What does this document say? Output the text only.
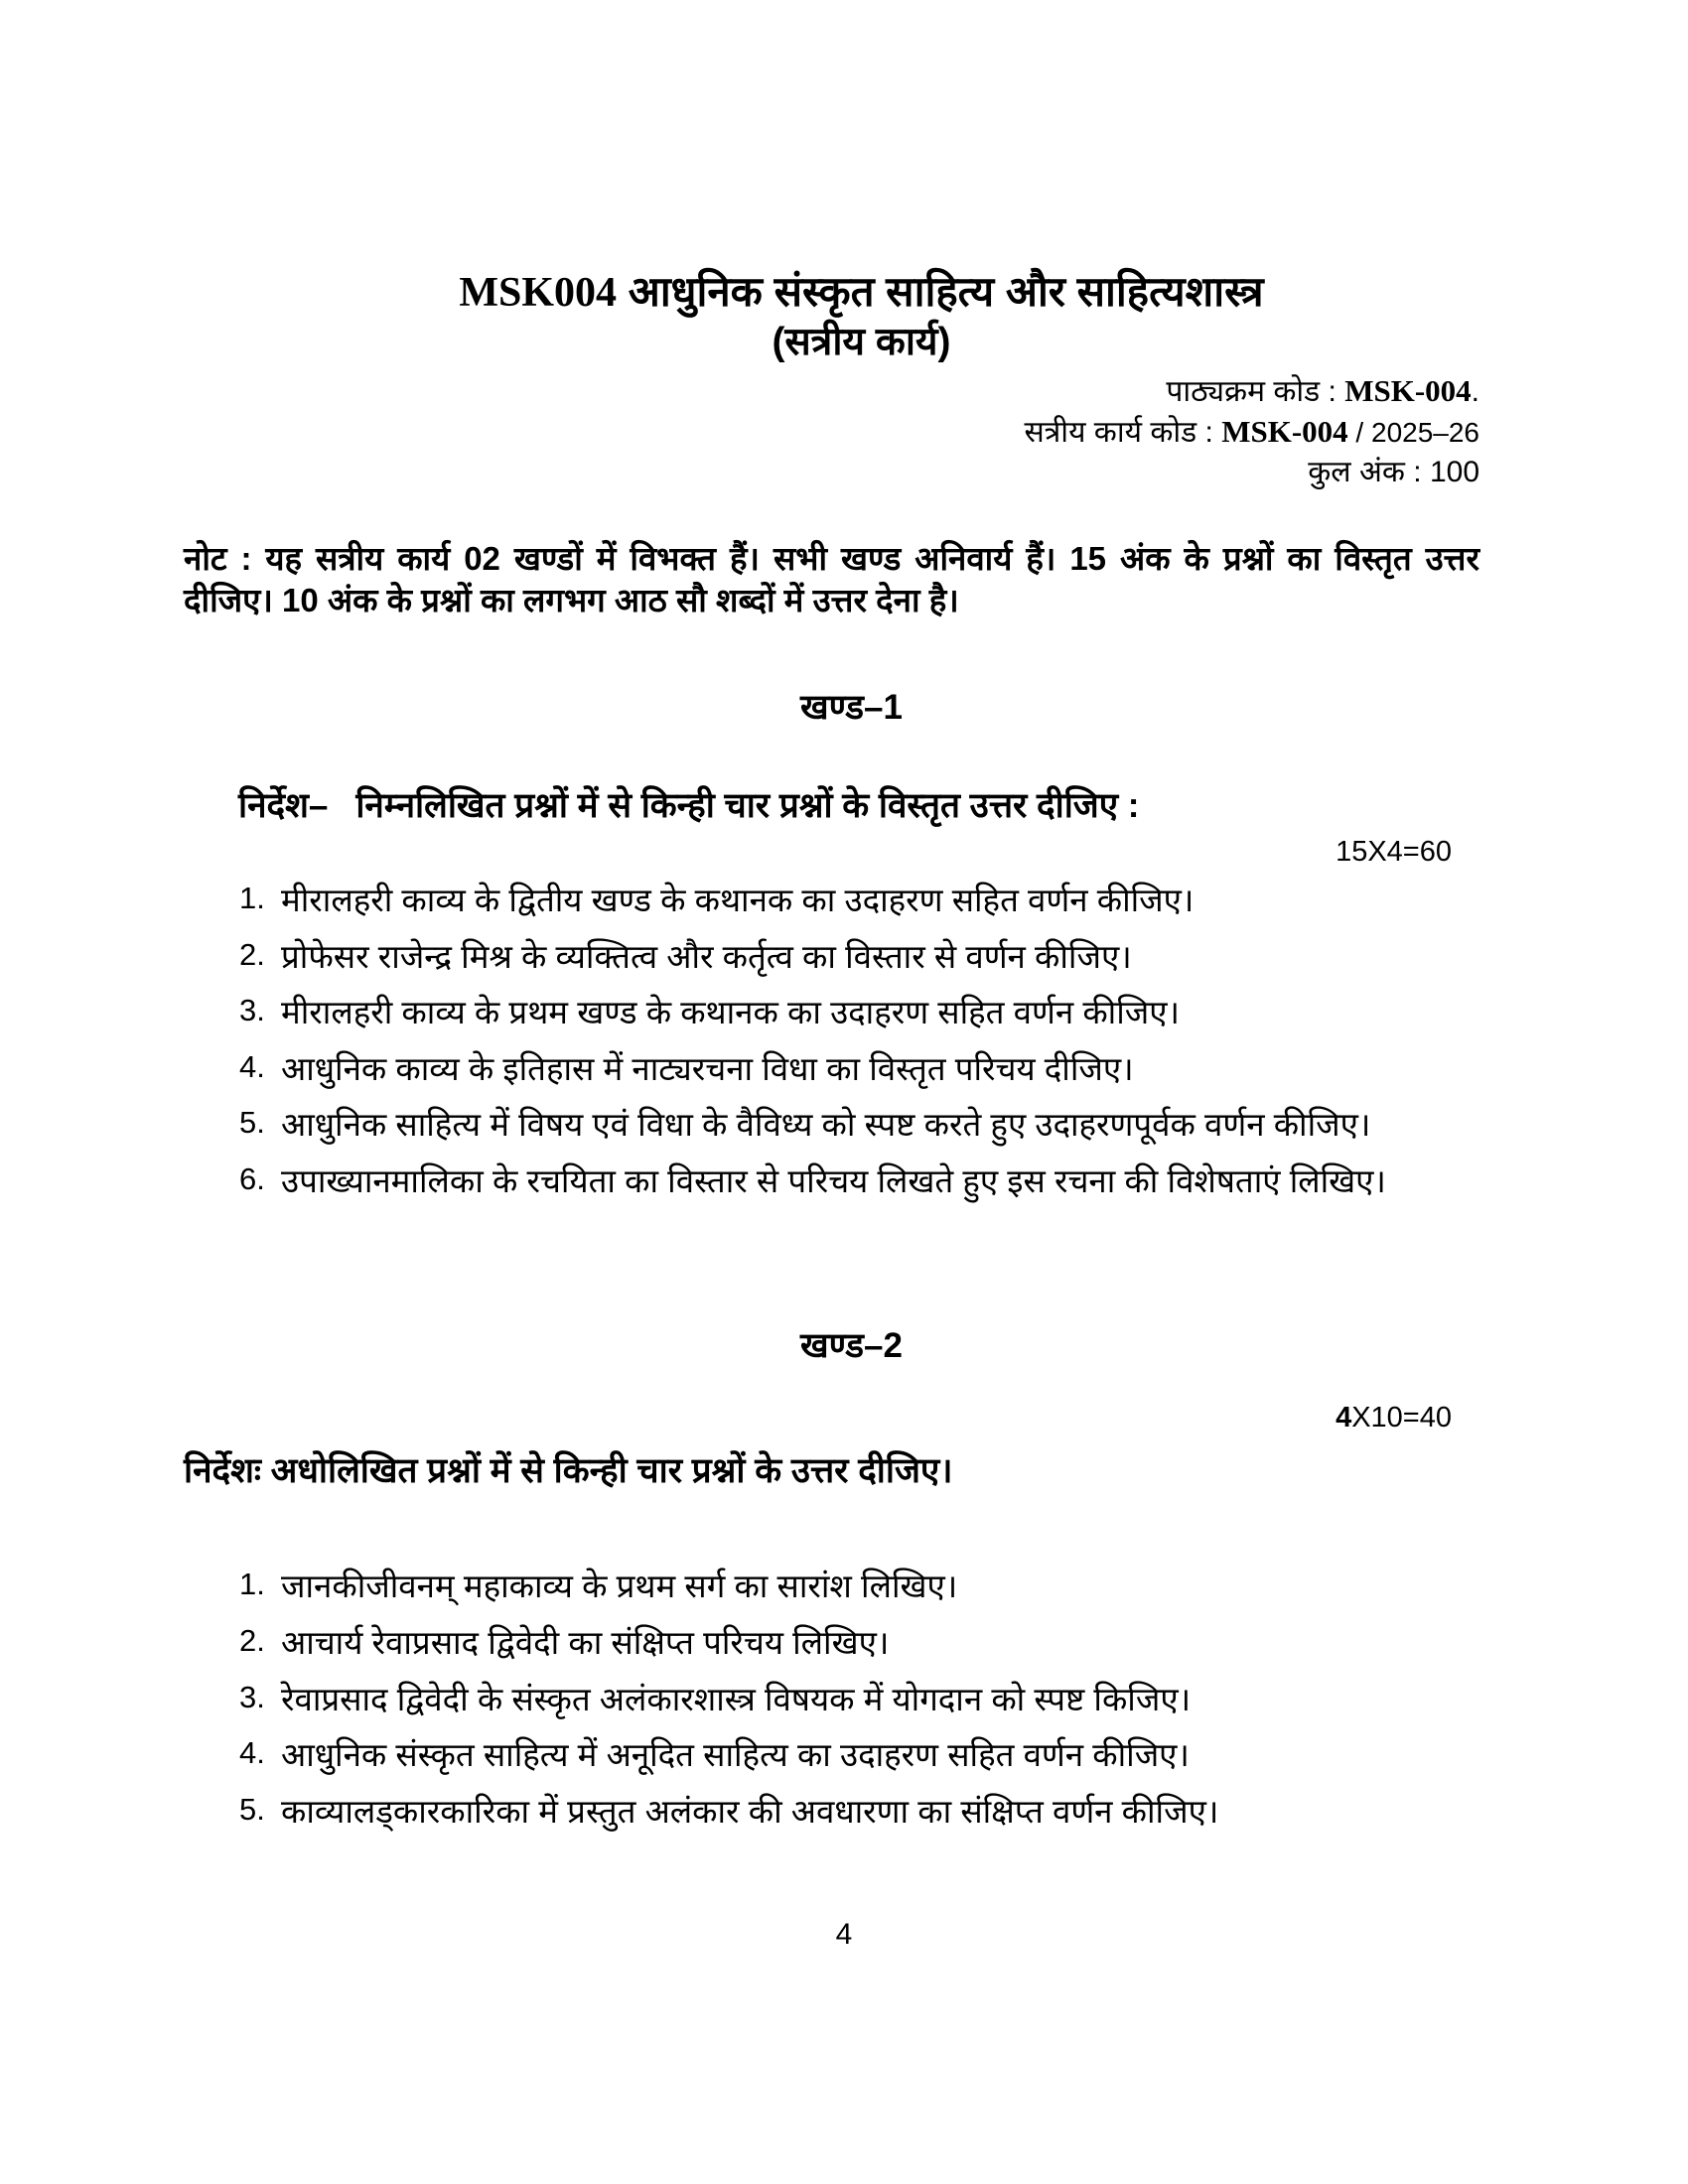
MSK004 आधुनिक संस्कृत साहित्य और साहित्यशास्त्र
(सत्रीय कार्य)
पाठ्यक्रम कोड : MSK-004.
सत्रीय कार्य कोड : MSK-004 / 2025–26
कुल अंक : 100
नोट : यह सत्रीय कार्य 02 खण्डों में विभक्त हैं। सभी खण्ड अनिवार्य हैं। 15 अंक के प्रश्नों का विस्तृत उत्तर दीजिए। 10 अंक के प्रश्नों का लगभग आठ सौ शब्दों में उत्तर देना है।
खण्ड–1
निर्देश– निम्नलिखित प्रश्नों में से किन्ही चार प्रश्नों के विस्तृत उत्तर दीजिए :
15X4=60
1. मीरालहरी काव्य के द्वितीय खण्ड के कथानक का उदाहरण सहित वर्णन कीजिए।
2. प्रोफेसर राजेन्द्र मिश्र के व्यक्तित्व और कर्तृत्व का विस्तार से वर्णन कीजिए।
3. मीरालहरी काव्य के प्रथम खण्ड के कथानक का उदाहरण सहित वर्णन कीजिए।
4. आधुनिक काव्य के इतिहास में नाट्यरचना विधा का विस्तृत परिचय दीजिए।
5. आधुनिक साहित्य में विषय एवं विधा के वैविध्य को स्पष्ट करते हुए उदाहरणपूर्वक वर्णन कीजिए।
6. उपाख्यानमालिका के रचयिता का विस्तार से परिचय लिखते हुए इस रचना की विशेषताएं लिखिए।
खण्ड–2
4X10=40
निर्देशः अधोलिखित प्रश्नों में से किन्ही चार प्रश्नों के उत्तर दीजिए।
1. जानकीजीवनम् महाकाव्य के प्रथम सर्ग का सारांश लिखिए।
2. आचार्य रेवाप्रसाद द्विवेदी का संक्षिप्त परिचय लिखिए।
3. रेवाप्रसाद द्विवेदी के संस्कृत अलंकारशास्त्र विषयक में योगदान को स्पष्ट किजिए।
4. आधुनिक संस्कृत साहित्य में अनूदित साहित्य का उदाहरण सहित वर्णन कीजिए।
5. काव्यालड्कारकारिका में प्रस्तुत अलंकार की अवधारणा का संक्षिप्त वर्णन कीजिए।
4
